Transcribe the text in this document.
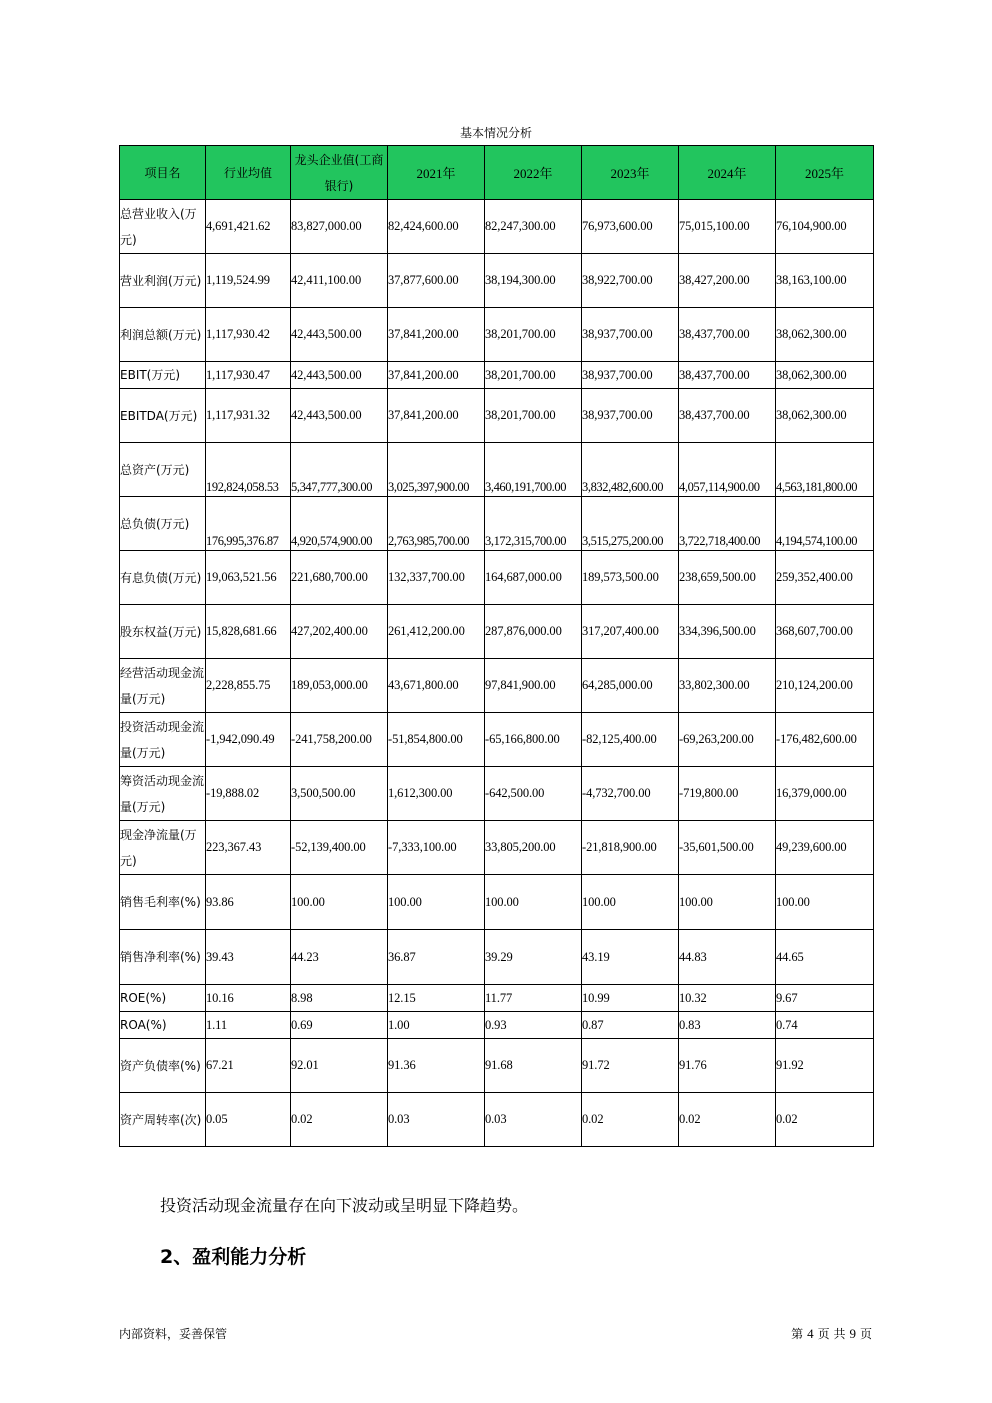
基本情况分析
项目名	行业均值	龙头企业值(工商银行)	2021年	2022年	2023年	2024年	2025年
总营业收入(万元)	4,691,421.62	83,827,000.00	82,424,600.00	82,247,300.00	76,973,600.00	75,015,100.00	76,104,900.00
营业利润(万元)	1,119,524.99	42,411,100.00	37,877,600.00	38,194,300.00	38,922,700.00	38,427,200.00	38,163,100.00
利润总额(万元)	1,117,930.42	42,443,500.00	37,841,200.00	38,201,700.00	38,937,700.00	38,437,700.00	38,062,300.00
EBIT(万元)	1,117,930.47	42,443,500.00	37,841,200.00	38,201,700.00	38,937,700.00	38,437,700.00	38,062,300.00
EBITDA(万元)	1,117,931.32	42,443,500.00	37,841,200.00	38,201,700.00	38,937,700.00	38,437,700.00	38,062,300.00
总资产(万元)	192,824,058.53	5,347,777,300.00	3,025,397,900.00	3,460,191,700.00	3,832,482,600.00	4,057,114,900.00	4,563,181,800.00
总负债(万元)	176,995,376.87	4,920,574,900.00	2,763,985,700.00	3,172,315,700.00	3,515,275,200.00	3,722,718,400.00	4,194,574,100.00
有息负债(万元)	19,063,521.56	221,680,700.00	132,337,700.00	164,687,000.00	189,573,500.00	238,659,500.00	259,352,400.00
股东权益(万元)	15,828,681.66	427,202,400.00	261,412,200.00	287,876,000.00	317,207,400.00	334,396,500.00	368,607,700.00
经营活动现金流量(万元)	2,228,855.75	189,053,000.00	43,671,800.00	97,841,900.00	64,285,000.00	33,802,300.00	210,124,200.00
投资活动现金流量(万元)	-1,942,090.49	-241,758,200.00	-51,854,800.00	-65,166,800.00	-82,125,400.00	-69,263,200.00	-176,482,600.00
筹资活动现金流量(万元)	-19,888.02	3,500,500.00	1,612,300.00	-642,500.00	-4,732,700.00	-719,800.00	16,379,000.00
现金净流量(万元)	223,367.43	-52,139,400.00	-7,333,100.00	33,805,200.00	-21,818,900.00	-35,601,500.00	49,239,600.00
销售毛利率(%)	93.86	100.00	100.00	100.00	100.00	100.00	100.00
销售净利率(%)	39.43	44.23	36.87	39.29	43.19	44.83	44.65
ROE(%)	10.16	8.98	12.15	11.77	10.99	10.32	9.67
ROA(%)	1.11	0.69	1.00	0.93	0.87	0.83	0.74
资产负债率(%)	67.21	92.01	91.36	91.68	91.72	91.76	91.92
资产周转率(次)	0.05	0.02	0.03	0.03	0.02	0.02	0.02
投资活动现金流量存在向下波动或呈明显下降趋势。
2、盈利能力分析
内部资料，妥善保管	第 4 页 共 9 页
